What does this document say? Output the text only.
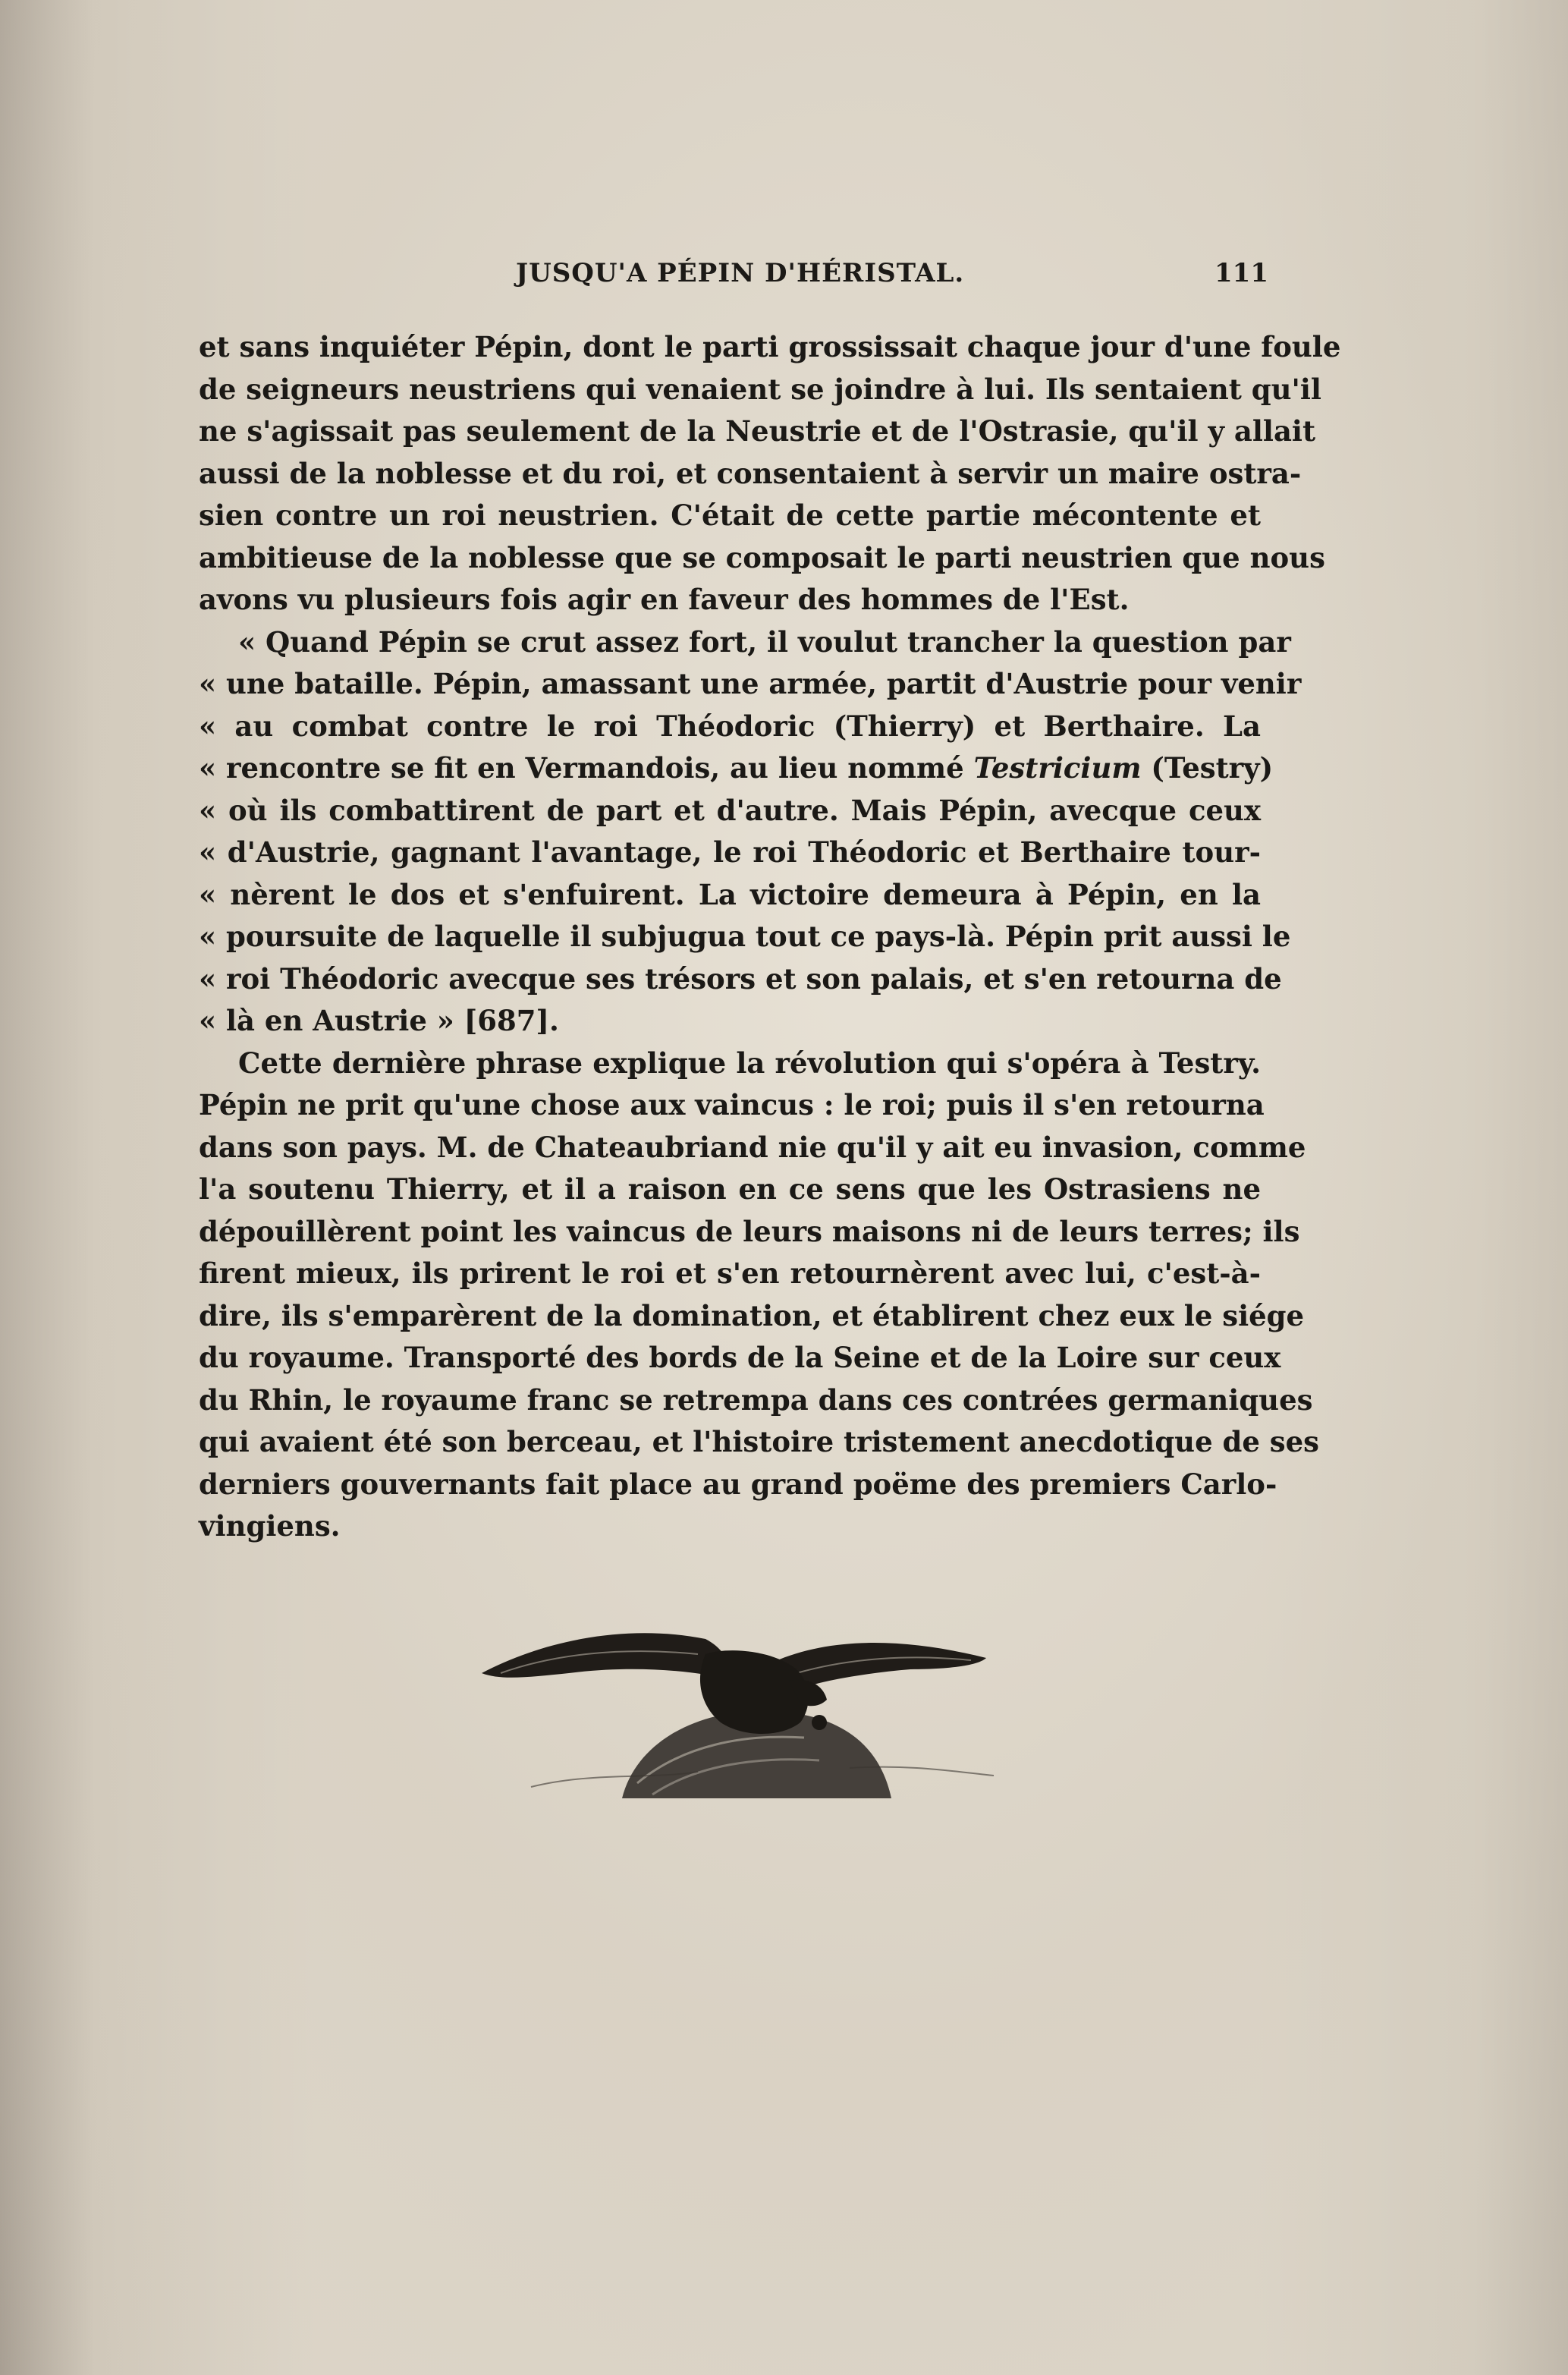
JUSQU'A PÉPIN D'HÉRISTAL.	111

et sans inquiéter Pépin, dont le parti grossissait chaque jour d'une foule
de seigneurs neustriens qui venaient se joindre à lui. Ils sentaient qu'il
ne s'agissait pas seulement de la Neustrie et de l'Ostrasie, qu'il y allait
aussi de la noblesse et du roi, et consentaient à servir un maire ostra-
sien contre un roi neustrien. C'était de cette partie mécontente et
ambitieuse de la noblesse que se composait le parti neustrien que nous
avons vu plusieurs fois agir en faveur des hommes de l'Est.

« Quand Pépin se crut assez fort, il voulut trancher la question par
« une bataille. Pépin, amassant une armée, partit d'Austrie pour venir
« au combat contre le roi Théodoric (Thierry) et Berthaire. La
« rencontre se fit en Vermandois, au lieu nommé Testricium (Testry)
« où ils combattirent de part et d'autre. Mais Pépin, avecque ceux
« d'Austrie, gagnant l'avantage, le roi Théodoric et Berthaire tour-
« nèrent le dos et s'enfuirent. La victoire demeura à Pépin, en la
« poursuite de laquelle il subjugua tout ce pays-là. Pépin prit aussi le
« roi Théodoric avecque ses trésors et son palais, et s'en retourna de
« là en Austrie » [687].

Cette dernière phrase explique la révolution qui s'opéra à Testry.
Pépin ne prit qu'une chose aux vaincus : le roi; puis il s'en retourna
dans son pays. M. de Chateaubriand nie qu'il y ait eu invasion, comme
l'a soutenu Thierry, et il a raison en ce sens que les Ostrasiens ne
dépouillèrent point les vaincus de leurs maisons ni de leurs terres; ils
firent mieux, ils prirent le roi et s'en retournèrent avec lui, c'est-à-
dire, ils s'emparèrent de la domination, et établirent chez eux le siége
du royaume. Transporté des bords de la Seine et de la Loire sur ceux
du Rhin, le royaume franc se retrempa dans ces contrées germaniques
qui avaient été son berceau, et l'histoire tristement anecdotique de ses
derniers gouvernants fait place au grand poëme des premiers Carlo-
vingiens.
